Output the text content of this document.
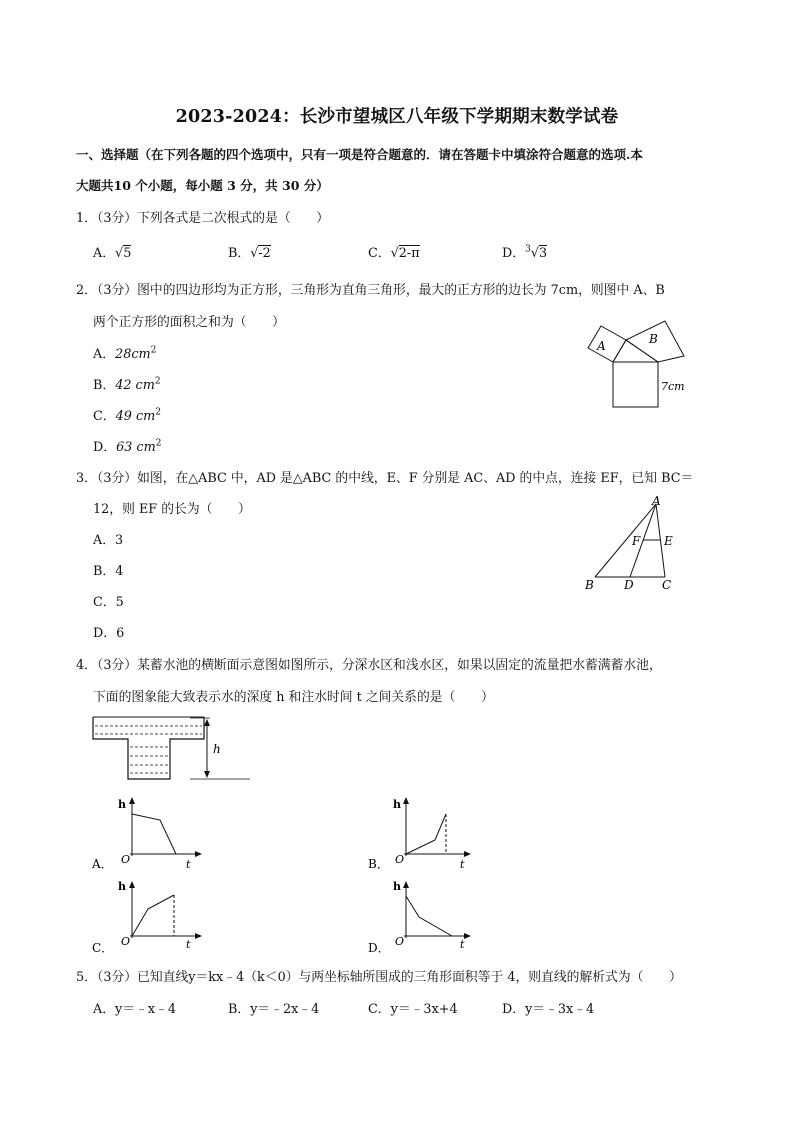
2023-2024：长沙市望城区八年级下学期期末数学试卷
一、选择题（在下列各题的四个选项中，只有一项是符合题意的．请在答题卡中填涂符合题意的选项.本
大题共10 个小题，每小题 3 分，共 30 分）
1．（3分）下列各式是二次根式的是（　　）
A．√5	B．√-2	C．√2-π	D．$^3$√3
2．（3分）图中的四边形均为正方形，三角形为直角三角形，最大的正方形的边长为 7cm，则图中 A、B
两个正方形的面积之和为（　　）
A．$28cm^2$
B．42 $cm^2$
C．49 $cm^2$
D．63 $cm^2$
A	B
7cm
3．（3分）如图，在△ABC 中，AD 是△ABC 的中线，E、F 分别是 AC、AD 的中点，连接 EF，已知 BC＝
12，则 EF 的长为（　　）
A．3
B．4
C．5
D．6
A
B	C
D
E
F
4．（3分）某蓄水池的横断面示意图如图所示，分深水区和浅水区，如果以固定的流量把水蓄满蓄水池，
下面的图象能大致表示水的深度 h 和注水时间 t 之间关系的是（　　）
h
A．
h
t
O	B．
h
t
O
C．
h
t
O	D．
h
t
O
5．（3分）已知直线y＝kx﹣4（k＜0）与两坐标轴所围成的三角形面积等于 4，则直线的解析式为（　　）
A．y＝﹣x﹣4	B．y＝﹣2x﹣4	C．y＝﹣3x+4	D．y＝﹣3x﹣4
